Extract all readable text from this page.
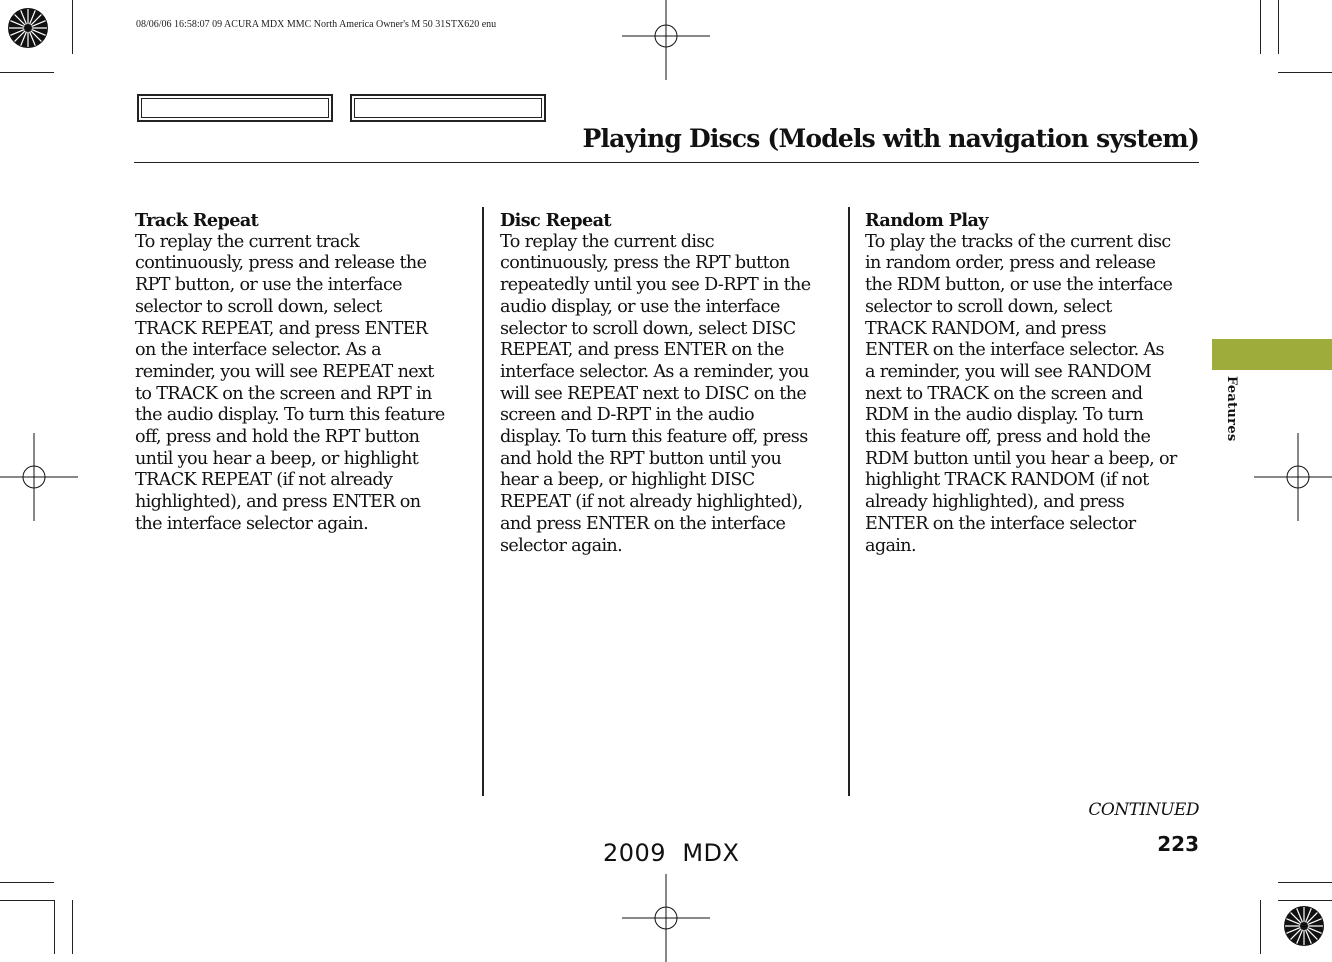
08/06/06 16:58:07 09 ACURA MDX MMC North America Owner's M 50 31STX620 enu
Playing Discs (Models with navigation system)
Track Repeat

To replay the current track
continuously, press and release the
RPT button, or use the interface
selector to scroll down, select
TRACK REPEAT, and press ENTER
on the interface selector. As a
reminder, you will see REPEAT next
to TRACK on the screen and RPT in
the audio display. To turn this feature
off, press and hold the RPT button
until you hear a beep, or highlight
TRACK REPEAT (if not already
highlighted), and press ENTER on
the interface selector again.

Disc Repeat

To replay the current disc
continuously, press the RPT button
repeatedly until you see D-RPT in the
audio display, or use the interface
selector to scroll down, select DISC
REPEAT, and press ENTER on the
interface selector. As a reminder, you
will see REPEAT next to DISC on the
screen and D-RPT in the audio
display. To turn this feature off, press
and hold the RPT button until you
hear a beep, or highlight DISC
REPEAT (if not already highlighted),
and press ENTER on the interface
selector again.

Random Play

To play the tracks of the current disc
in random order, press and release
the RDM button, or use the interface
selector to scroll down, select
TRACK RANDOM, and press
ENTER on the interface selector. As
a reminder, you will see RANDOM
next to TRACK on the screen and
RDM in the audio display. To turn
this feature off, press and hold the
RDM button until you hear a beep, or
highlight TRACK RANDOM (if not
already highlighted), and press
ENTER on the interface selector
again.

Features
CONTINUED
223
2009  MDX
